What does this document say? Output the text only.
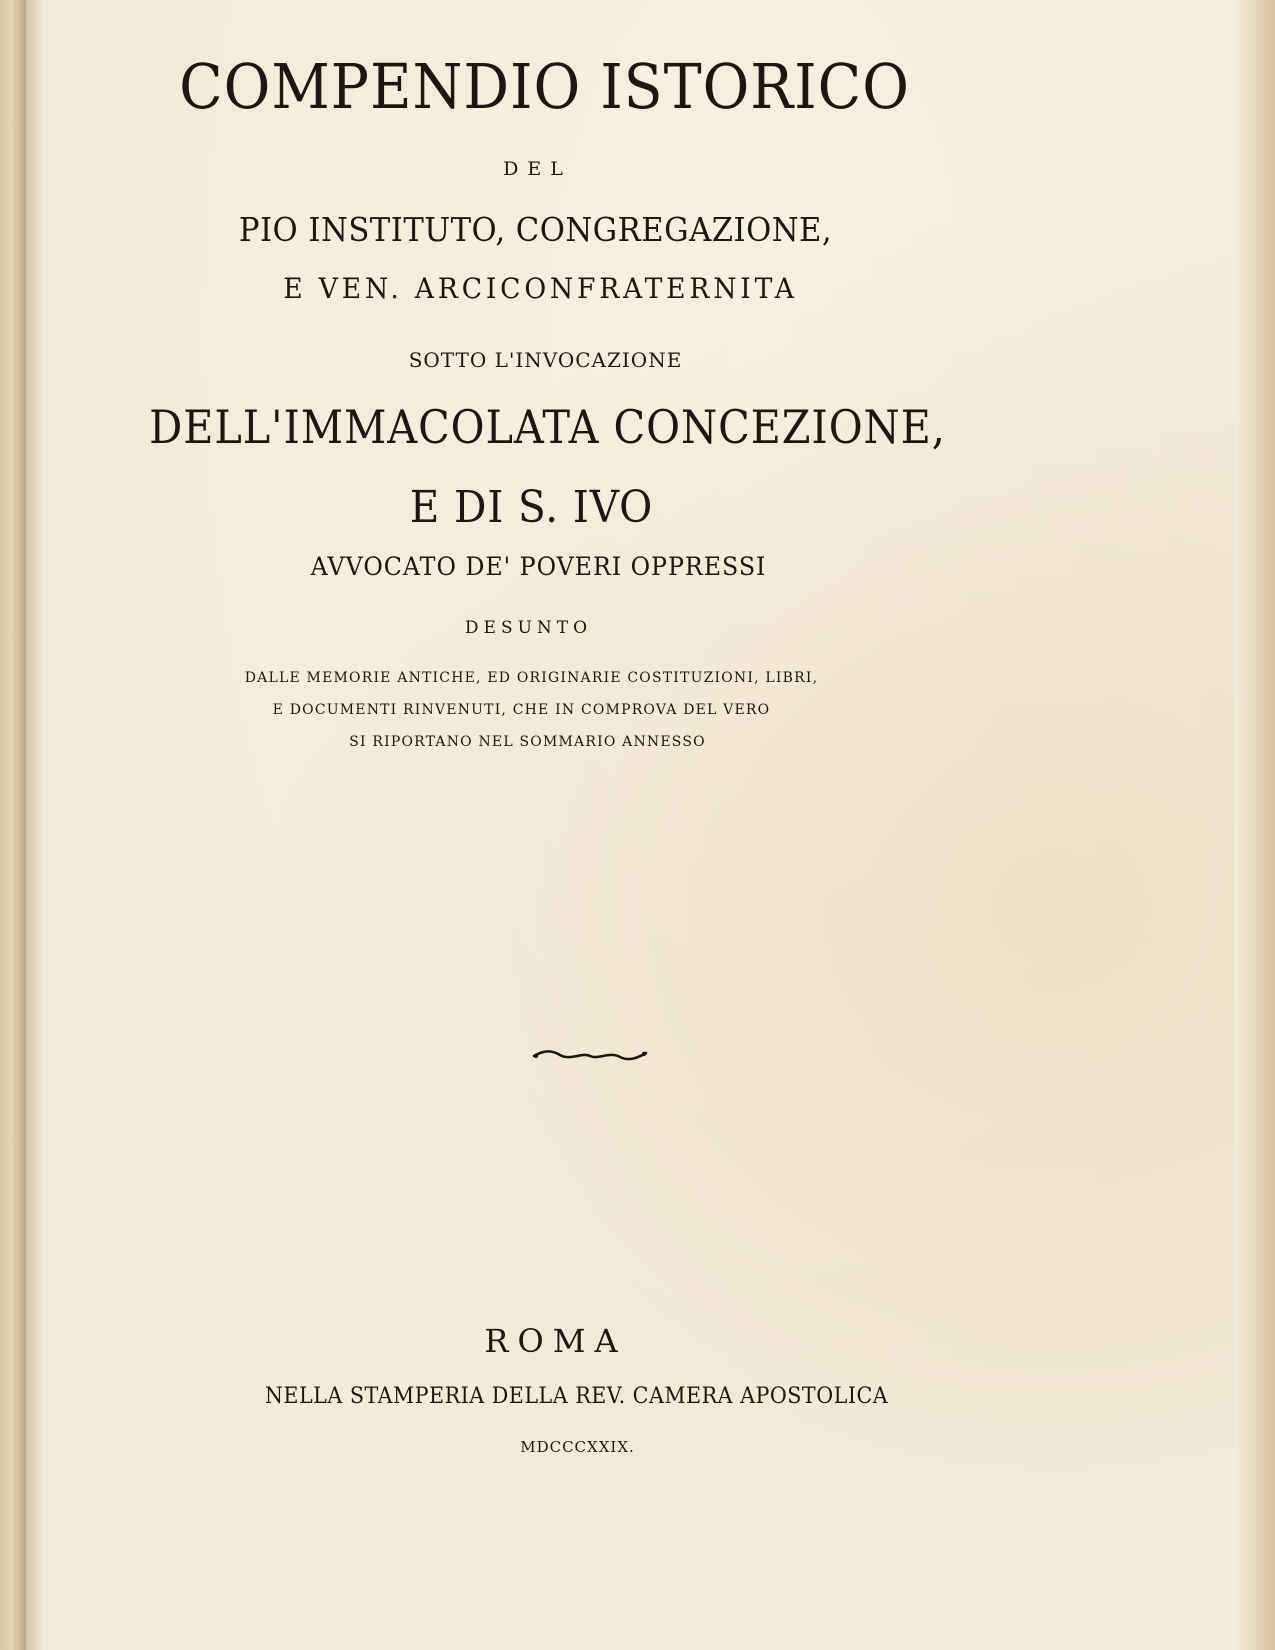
COMPENDIO ISTORICO
DEL
PIO INSTITUTO, CONGREGAZIONE,
E VEN. ARCICONFRATERNITA
SOTTO L'INVOCAZIONE
DELL'IMMACOLATA CONCEZIONE,
E DI S. IVO
AVVOCATO DE' POVERI OPPRESSI
DESUNTO
DALLE MEMORIE ANTICHE, ED ORIGINARIE COSTITUZIONI, LIBRI,
E DOCUMENTI RINVENUTI, CHE IN COMPROVA DEL VERO
SI RIPORTANO NEL SOMMARIO ANNESSO
ROMA
NELLA STAMPERIA DELLA REV. CAMERA APOSTOLICA
MDCCCXXIX.
